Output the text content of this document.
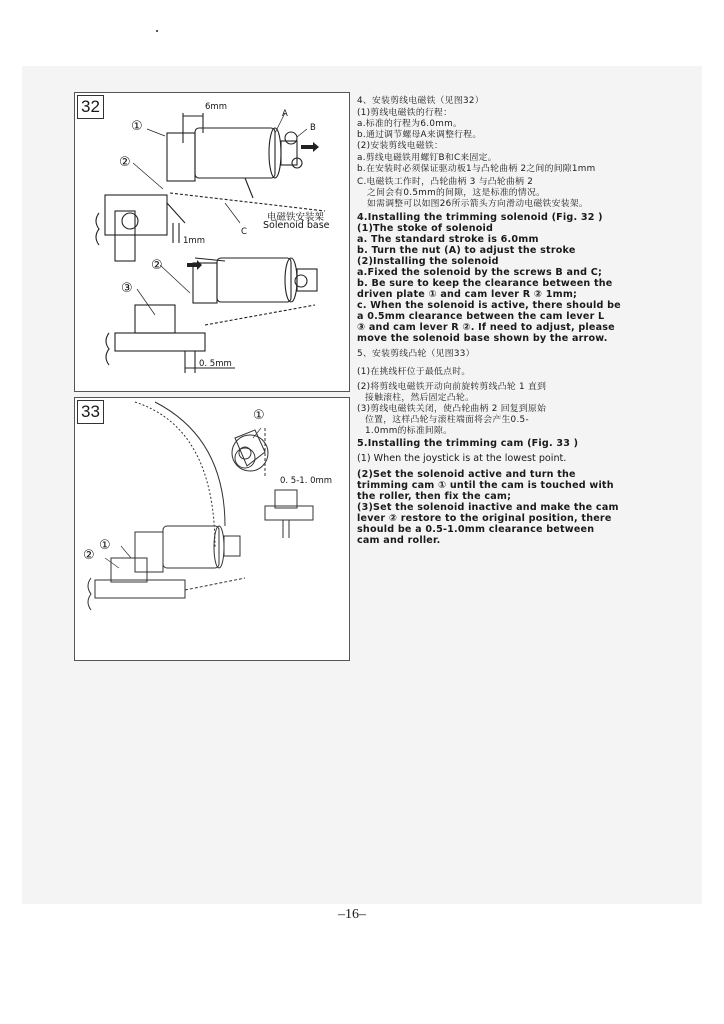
32	6mm
A
B
C
①
②
②
③
1mm
0. 5mm
电磁铁安装架
Solenoid base
33	①
0. 5-1. 0mm
②
①
4、安装剪线电磁铁（见图32）
(1)剪线电磁铁的行程：
a.标准的行程为6.0mm。
b.通过调节螺母A来调整行程。
(2)安装剪线电磁铁：
a.剪线电磁铁用螺钉B和C来固定。
b.在安装时必须保证驱动板1与凸轮曲柄 2之间的间隙1mm
C.电磁铁工作时，凸轮曲柄 3 与凸轮曲柄 2
之间会有0.5mm的间隙，这是标准的情况。
如需调整可以如图26所示箭头方向滑动电磁铁安装架。
4.Installing the trimming solenoid (Fig. 32 )
(1)The stoke of solenoid
a. The standard stroke is 6.0mm
b. Turn the nut (A) to adjust the stroke
(2)Installing the solenoid
a.Fixed the solenoid by the screws B and C;
b. Be sure to keep the clearance between the
driven plate ① and cam lever R ② 1mm;
c. When the solenoid is active, there should be
a 0.5mm clearance between the cam lever L
③ and cam lever R ②. If need to adjust, please
move the solenoid base shown by the arrow.
5、安装剪线凸轮（见图33）
(1)在挑线杆位于最低点时。
(2)将剪线电磁铁开动向前旋转剪线凸轮 1 直到
接触滚柱，然后固定凸轮。
(3)剪线电磁铁关闭，使凸轮曲柄 2 回复到原始
位置，这样凸轮与滚柱端面将会产生0.5-
1.0mm的标准间隙。
5.Installing the trimming cam (Fig. 33 )
(1) When the joystick is at the lowest point.
(2)Set the solenoid active and turn the
trimming cam ① until the cam is touched with
the roller, then fix the cam;
(3)Set the solenoid inactive and make the cam
lever ② restore to the original position, there
should be a 0.5-1.0mm clearance between
cam and roller.
–16–
